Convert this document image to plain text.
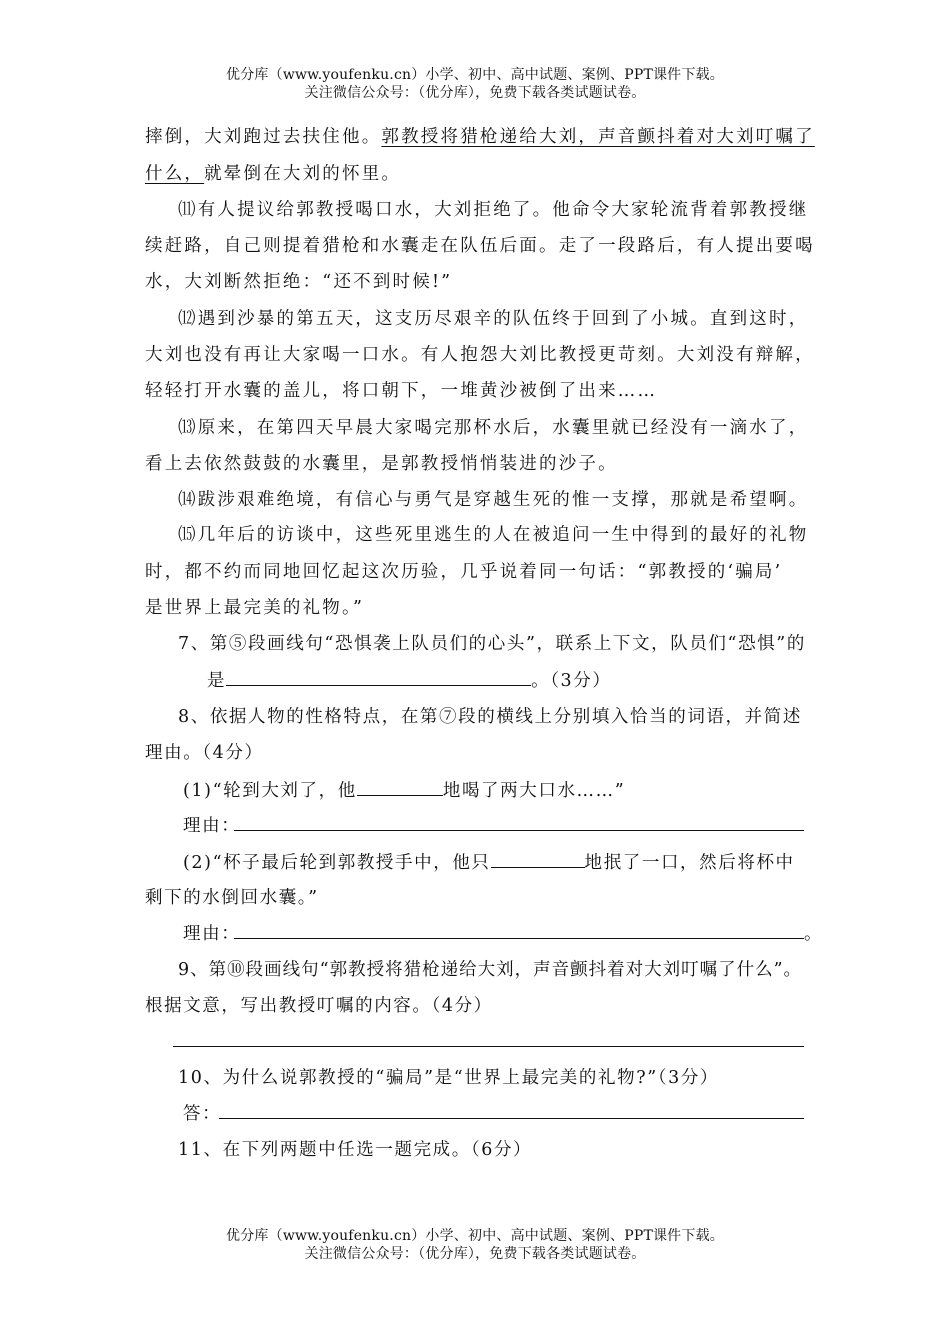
优分库（www.youfenku.cn）小学、初中、高中试题、案例、PPT课件下载。
关注微信公众号：（优分库），免费下载各类试题试卷。
摔倒，大刘跑过去扶住他。郭教授将猎枪递给大刘，声音颤抖着对大刘叮嘱了
什么，就晕倒在大刘的怀里。
⑾有人提议给郭教授喝口水，大刘拒绝了。他命令大家轮流背着郭教授继
续赶路，自己则提着猎枪和水囊走在队伍后面。走了一段路后，有人提出要喝
水，大刘断然拒绝：“还不到时候!”
⑿遇到沙暴的第五天，这支历尽艰辛的队伍终于回到了小城。直到这时，
大刘也没有再让大家喝一口水。有人抱怨大刘比教授更苛刻。大刘没有辩解，
轻轻打开水囊的盖儿，将口朝下，一堆黄沙被倒了出来……
⒀原来，在第四天早晨大家喝完那杯水后，水囊里就已经没有一滴水了，
看上去依然鼓鼓的水囊里，是郭教授悄悄装进的沙子。
⒁跋涉艰难绝境，有信心与勇气是穿越生死的惟一支撑，那就是希望啊。
⒂几年后的访谈中，这些死里逃生的人在被追问一生中得到的最好的礼物
时，都不约而同地回忆起这次历验，几乎说着同一句话：“郭教授的‘骗局’
是世界上最完美的礼物。”
7、第⑤段画线句“恐惧袭上队员们的心头”，联系上下文，队员们“恐惧”的
是	。（3分）
8、依据人物的性格特点，在第⑦段的横线上分别填入恰当的词语，并简述
理由。（4分）
(1)“轮到大刘了，他	地喝了两大口水……”
理由：
(2)“杯子最后轮到郭教授手中，他只	地抿了一口，然后将杯中
剩下的水倒回水囊。”
理由：	。
9、第⑩段画线句“郭教授将猎枪递给大刘，声音颤抖着对大刘叮嘱了什么”。
根据文意，写出教授叮嘱的内容。（4分）
10、为什么说郭教授的“骗局”是“世界上最完美的礼物?”（3分）
答：
11、在下列两题中任选一题完成。（6分）
优分库（www.youfenku.cn）小学、初中、高中试题、案例、PPT课件下载。
关注微信公众号：（优分库），免费下载各类试题试卷。
